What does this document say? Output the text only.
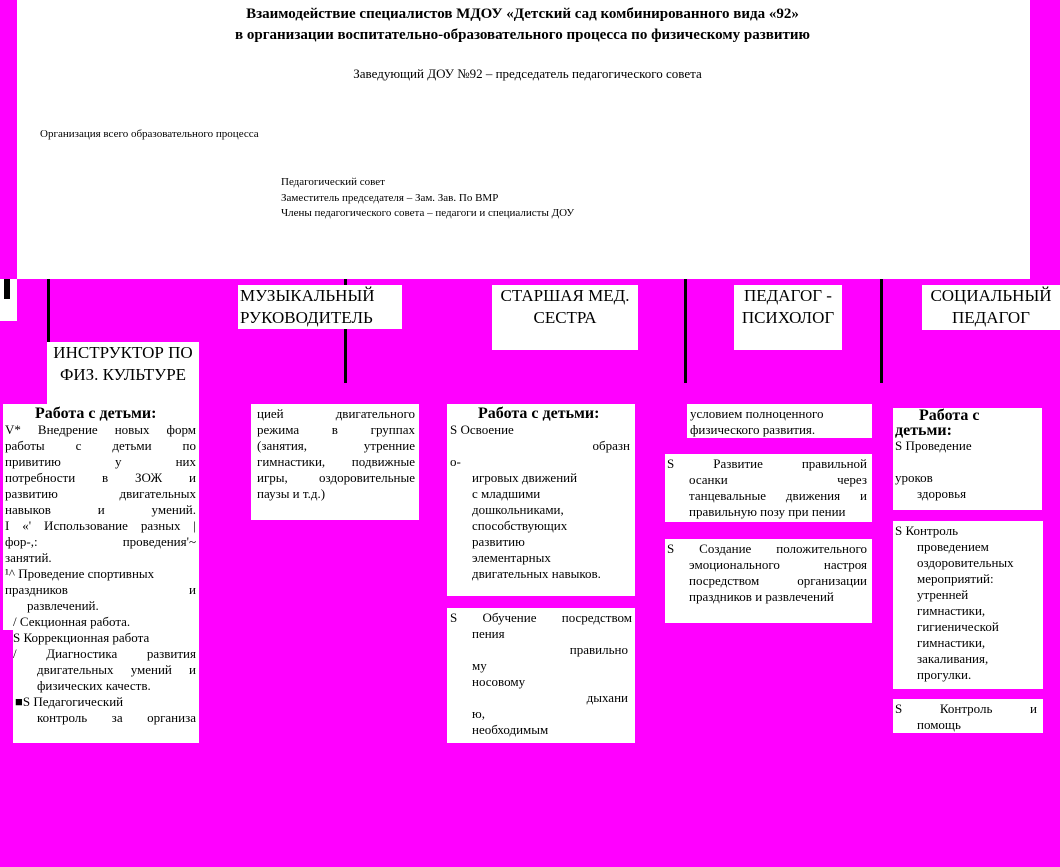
Взаимодействие специалистов МДОУ «Детский сад комбинированного вида «92»
в организации воспитательно-образовательного процесса по физическому развитию
Заведующий ДОУ №92 – председатель педагогического совета
Организация всего образовательного процесса
Педагогический совет
Заместитель председателя – Зам. Зав. По ВМР
Члены педагогического совета – педагоги и специалисты ДОУ
МУЗЫКАЛЬНЫЙ
РУКОВОДИТЕЛЬ
СТАРШАЯ МЕД.
СЕСТРА
ПЕДАГОГ -
ПСИХОЛОГ
СОЦИАЛЬНЫЙ
ПЕДАГОГ
ИНСТРУКТОР ПО
ФИЗ. КУЛЬТУРЕ
Работа с детьми:
V* Внедрение новых форм
работы с детьми по
привитию у них
потребности в ЗОЖ и
развитию двигательных
навыков и умений.
I «' Использование разных |
фор-,: проведения'~
занятий.
¹^ Проведение спортивных
праздников и
развлечений.
/ Секционная работа.
S Коррекционная работа
/ Диагностика развития
двигательных умений и
физических качеств.
■S Педагогический
контроль за организа
цией двигательного
режима в группах
(занятия, утренние
гимнастики, подвижные
игры, оздоровительные
паузы и т.д.)
Работа с детьми:
S Освоение
образн
о-
игровых движений
с младшими
дошкольниками,
способствующих
развитию
элементарных
двигательных навыков.
S Обучение посредством
пения
правильно
му
носовому
дыхани
ю,
необходимым
условием полноценного
физического развития.
S Развитие правильной
осанки через
танцевальные движения и
правильную позу при пении
S Создание положительного
эмоционального настроя
посредством организации
праздников и развлечений
Работа с
детьми:
S Проведение
уроков
здоровья
S Контроль
проведением
оздоровительных
мероприятий:
утренней
гимнастики,
гигиенической
гимнастики,
закаливания,
прогулки.
S Контроль и
помощь
